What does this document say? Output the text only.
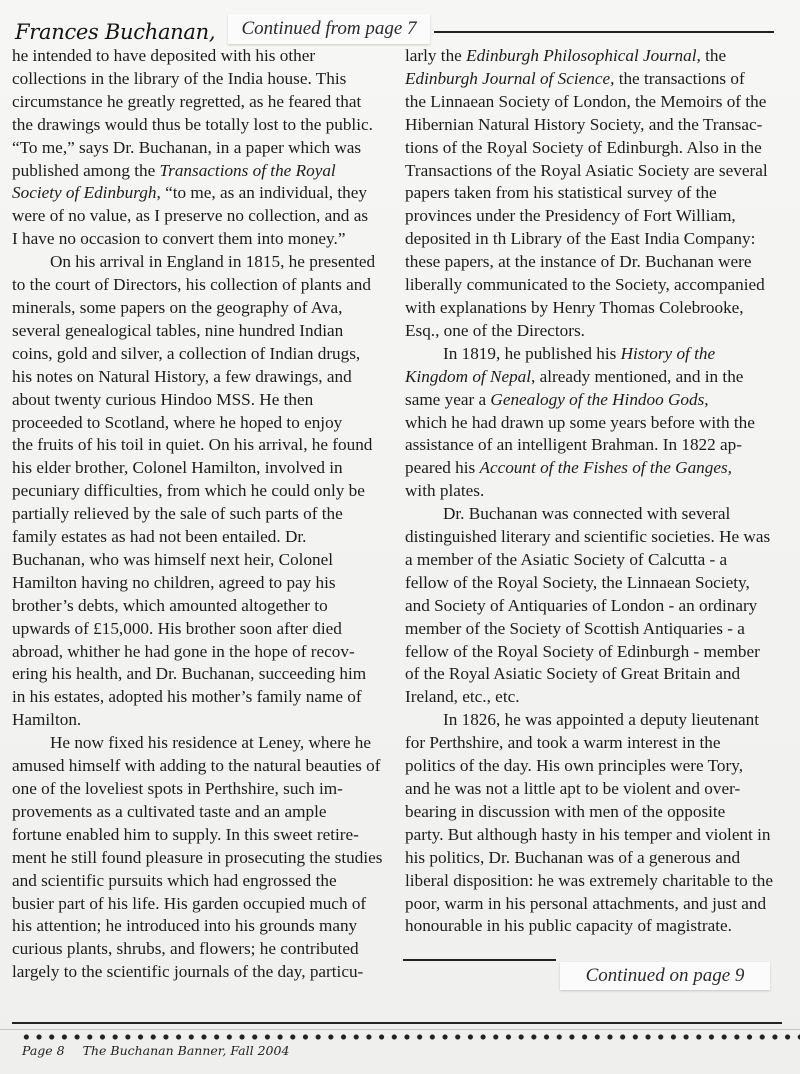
Frances Buchanan,	Continued from page 7
he intended to have deposited with his other
collections in the library of the India house. This
circumstance he greatly regretted, as he feared that
the drawings would thus be totally lost to the public.
“To me,” says Dr. Buchanan, in a paper which was
published among the Transactions of the Royal
Society of Edinburgh, “to me, as an individual, they
were of no value, as I preserve no collection, and as
I have no occasion to convert them into money.”
On his arrival in England in 1815, he presented
to the court of Directors, his collection of plants and
minerals, some papers on the geography of Ava,
several genealogical tables, nine hundred Indian
coins, gold and silver, a collection of Indian drugs,
his notes on Natural History, a few drawings, and
about twenty curious Hindoo MSS. He then
proceeded to Scotland, where he hoped to enjoy
the fruits of his toil in quiet. On his arrival, he found
his elder brother, Colonel Hamilton, involved in
pecuniary difficulties, from which he could only be
partially relieved by the sale of such parts of the
family estates as had not been entailed. Dr.
Buchanan, who was himself next heir, Colonel
Hamilton having no children, agreed to pay his
brother’s debts, which amounted altogether to
upwards of £15,000. His brother soon after died
abroad, whither he had gone in the hope of recov-
ering his health, and Dr. Buchanan, succeeding him
in his estates, adopted his mother’s family name of
Hamilton.
He now fixed his residence at Leney, where he
amused himself with adding to the natural beauties of
one of the loveliest spots in Perthshire, such im-
provements as a cultivated taste and an ample
fortune enabled him to supply. In this sweet retire-
ment he still found pleasure in prosecuting the studies
and scientific pursuits which had engrossed the
busier part of his life. His garden occupied much of
his attention; he introduced into his grounds many
curious plants, shrubs, and flowers; he contributed
largely to the scientific journals of the day, particu-
larly the Edinburgh Philosophical Journal, the
Edinburgh Journal of Science, the transactions of
the Linnaean Society of London, the Memoirs of the
Hibernian Natural History Society, and the Transac-
tions of the Royal Society of Edinburgh. Also in the
Transactions of the Royal Asiatic Society are several
papers taken from his statistical survey of the
provinces under the Presidency of Fort William,
deposited in th Library of the East India Company:
these papers, at the instance of Dr. Buchanan were
liberally communicated to the Society, accompanied
with explanations by Henry Thomas Colebrooke,
Esq., one of the Directors.
In 1819, he published his History of the
Kingdom of Nepal, already mentioned, and in the
same year a Genealogy of the Hindoo Gods,
which he had drawn up some years before with the
assistance of an intelligent Brahman. In 1822 ap-
peared his Account of the Fishes of the Ganges,
with plates.
Dr. Buchanan was connected with several
distinguished literary and scientific societies. He was
a member of the Asiatic Society of Calcutta - a
fellow of the Royal Society, the Linnaean Society,
and Society of Antiquaries of London - an ordinary
member of the Society of Scottish Antiquaries - a
fellow of the Royal Society of Edinburgh - member
of the Royal Asiatic Society of Great Britain and
Ireland, etc., etc.
In 1826, he was appointed a deputy lieutenant
for Perthshire, and took a warm interest in the
politics of the day. His own principles were Tory,
and he was not a little apt to be violent and over-
bearing in discussion with men of the opposite
party. But although hasty in his temper and violent in
his politics, Dr. Buchanan was of a generous and
liberal disposition: he was extremely charitable to the
poor, warm in his personal attachments, and just and
honourable in his public capacity of magistrate.
Continued on page 9
Page 8 The Buchanan Banner, Fall 2004
